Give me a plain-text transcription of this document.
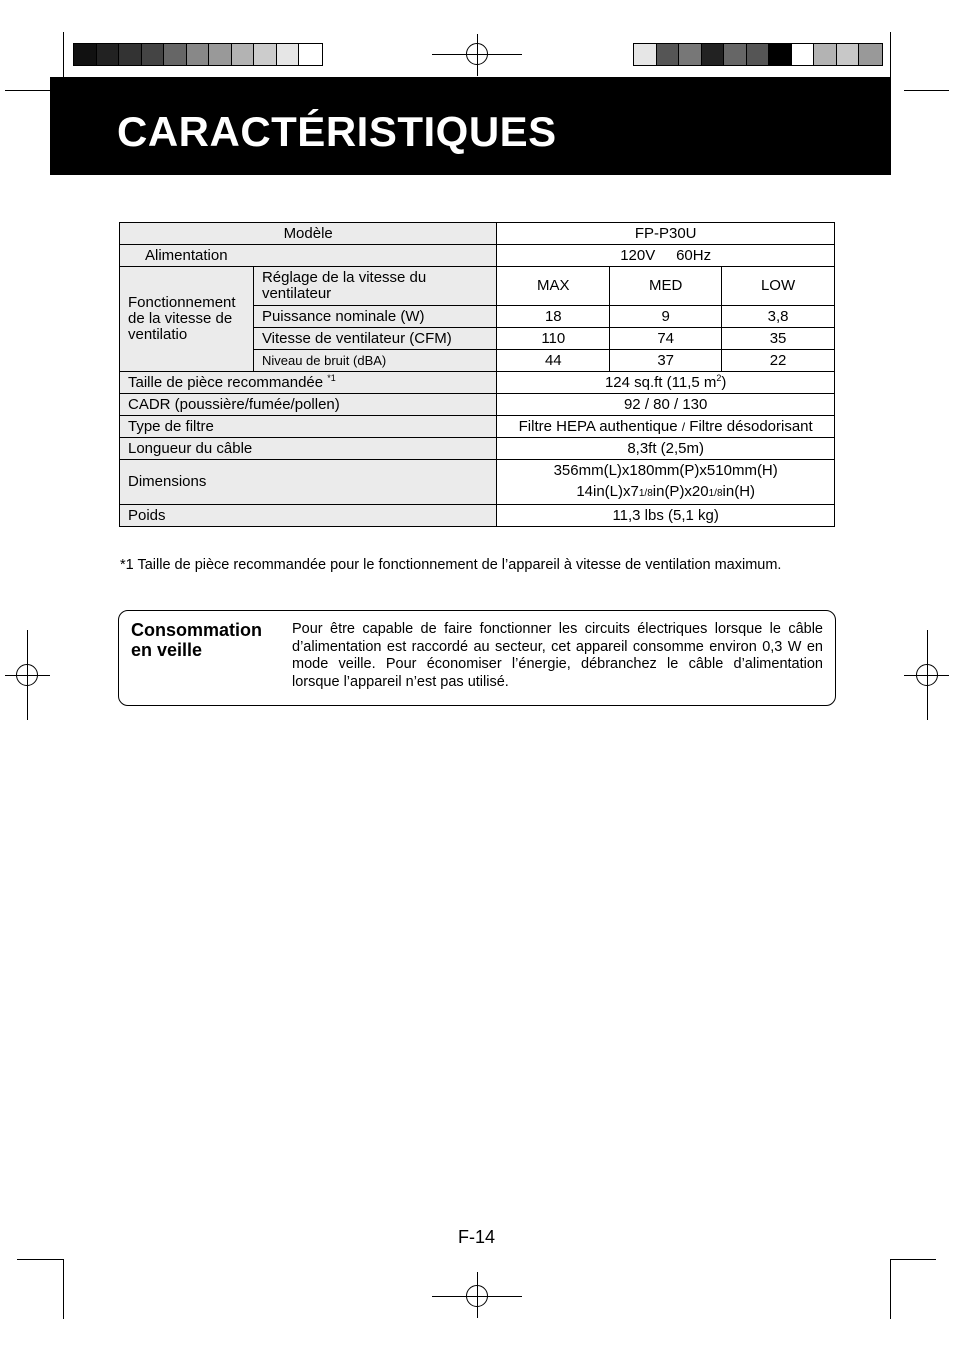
CARACTÉRISTIQUES
Modèle		FP-P30U		
Alimentation		120V 60Hz		
Fonctionnement de la vitesse de ventilatio	Réglage de la vitesse du ventilateur	MAX	MED	LOW
	Puissance nominale (W)	18	9	3,8
	Vitesse de ventilateur (CFM)	110	74	35
	Niveau de bruit (dBA)	44	37	22
Taille de pièce recommandée $^{*1}$		124 sq.ft (11,5 $m^2$)		
CADR (poussière/fumée/pollen)		92 / 80 / 130		
Type de filtre		Filtre HEPA authentique / Filtre désodorisant		
Longueur du câble		8,3ft (2,5m)		
Dimensions		356mm(L)x180mm(P)x510mm(H)
14in(L)x71/8in(P)x201/8in(H)		

Poids		11,3 lbs (5,1 kg)		
*1 Taille de pièce recommandée pour le fonctionnement de l’appareil à vitesse de ventilation maximum.
Consommation
en veille
Pour être capable de faire fonctionner les circuits électriques lorsque le câble d’alimentation est raccordé au secteur, cet appareil consomme environ 0,3 W en mode veille. Pour économiser l’énergie, débranchez le câble d’alimentation lorsque l’appareil n’est pas utilisé.
F-14
